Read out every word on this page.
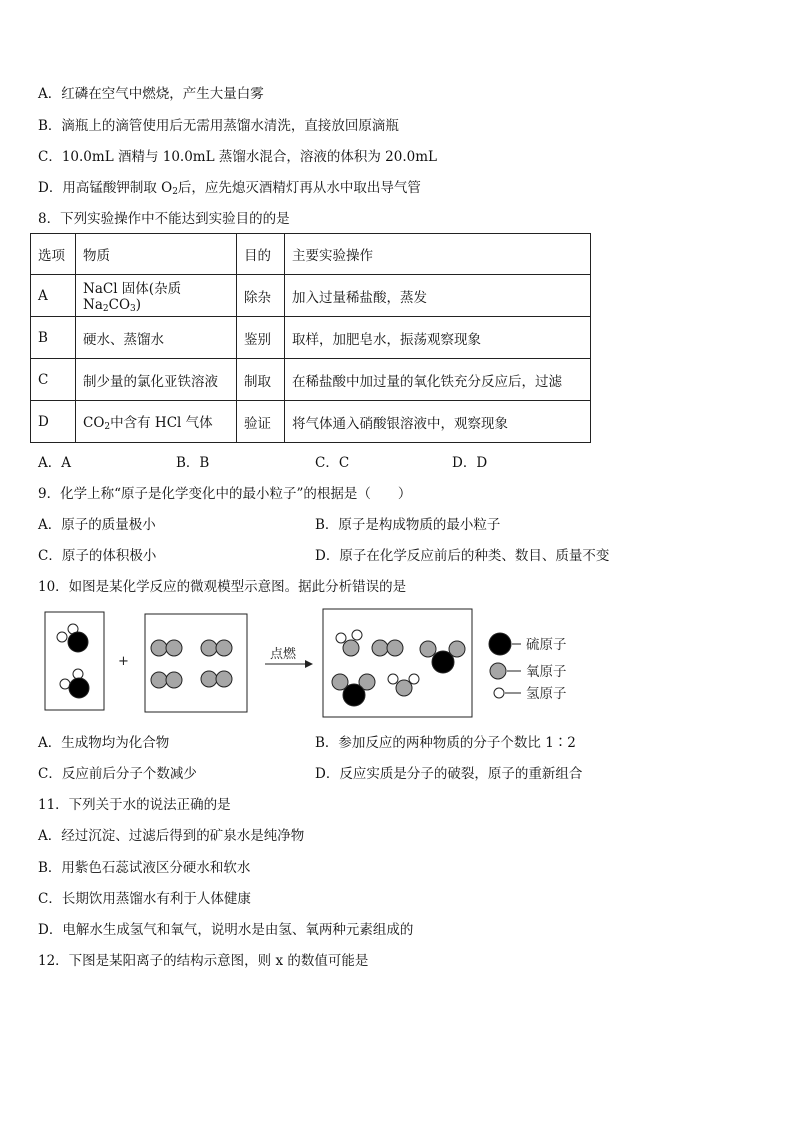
A．红磷在空气中燃烧，产生大量白雾
B．滴瓶上的滴管使用后无需用蒸馏水清洗，直接放回原滴瓶
C．10.0mL 酒精与 10.0mL 蒸馏水混合，溶液的体积为 20.0mL
D．用高锰酸钾制取 $O_2$后，应先熄灭酒精灯再从水中取出导气管
8．下列实验操作中不能达到实验目的的是
选项	物质	目的	主要实验操作
A	NaCl 固体(杂质 $Na_2CO_3$)	除杂	加入过量稀盐酸，蒸发
B	硬水、蒸馏水	鉴别	取样，加肥皂水，振荡观察现象
C	制少量的氯化亚铁溶液	制取	在稀盐酸中加过量的氧化铁充分反应后，过滤
D	$CO_2$中含有 HCl 气体	验证	将气体通入硝酸银溶液中，观察现象
A．A	B．B	C．C	D．D
9．化学上称“原子是化学变化中的最小粒子”的根据是（　　）
A．原子的质量极小	B．原子是构成物质的最小粒子
C．原子的体积极小	D．原子在化学反应前后的种类、数目、质量不变
10．如图是某化学反应的微观模型示意图。据此分析错误的是
+	点燃
硫原子
氧原子
氢原子
A．生成物均为化合物	B．参加反应的两种物质的分子个数比 1∶2
C．反应前后分子个数减少	D．反应实质是分子的破裂，原子的重新组合
11．下列关于水的说法正确的是
A．经过沉淀、过滤后得到的矿泉水是纯净物
B．用紫色石蕊试液区分硬水和软水
C．长期饮用蒸馏水有利于人体健康
D．电解水生成氢气和氧气，说明水是由氢、氧两种元素组成的
12．下图是某阳离子的结构示意图，则 x 的数值可能是
